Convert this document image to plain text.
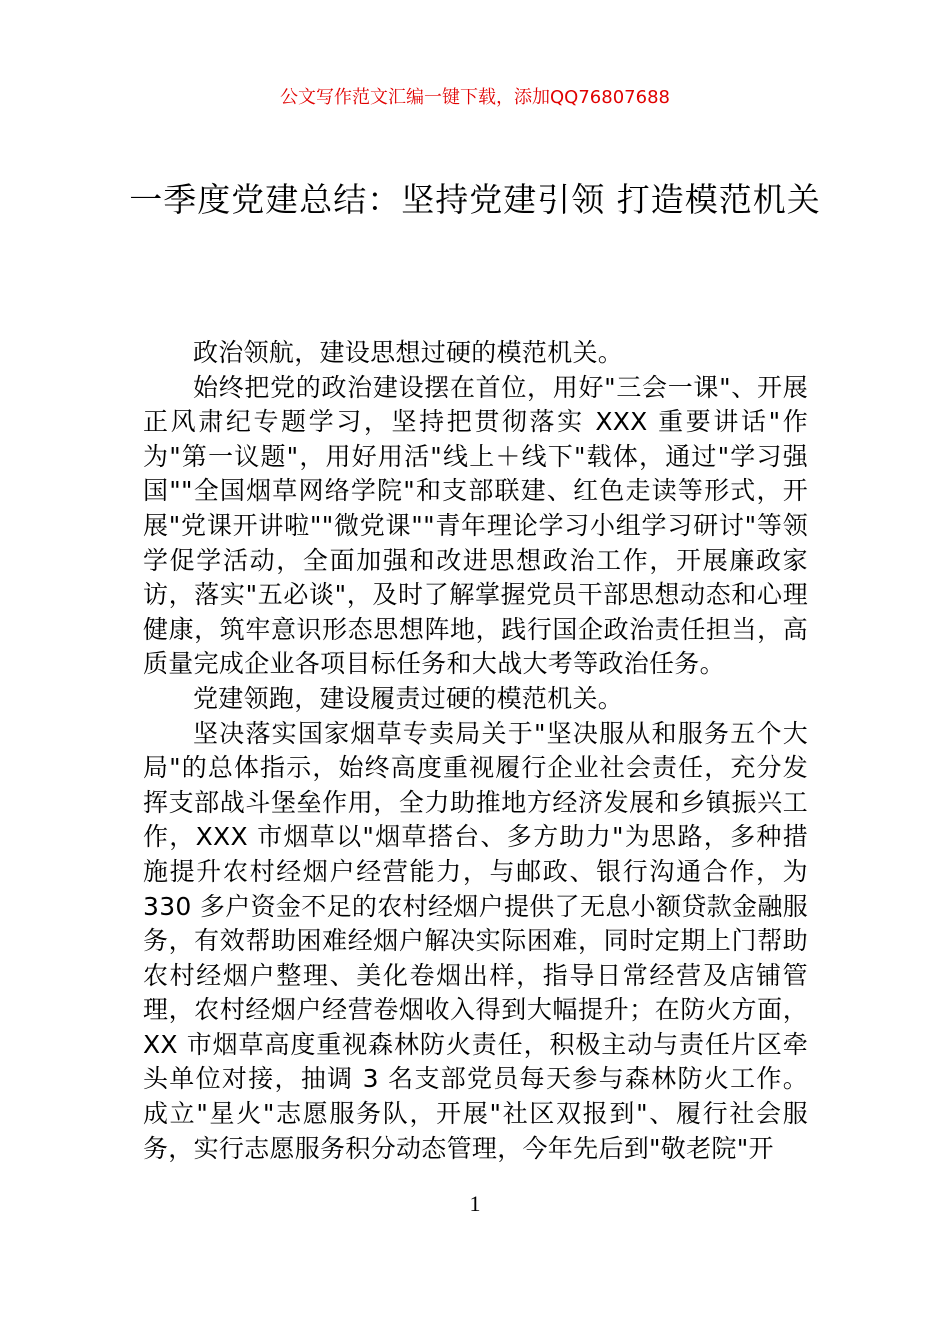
公文写作范文汇编一键下载，添加QQ76807688
一季度党建总结：坚持党建引领 打造模范机关

政治领航，建设思想过硬的模范机关。

始终把党的政治建设摆在首位，用好"三会一课"、开展正风肃纪专题学习，坚持把贯彻落实 XXX 重要讲话"作为"第一议题"，用好用活"线上＋线下"载体，通过"学习强国""全国烟草网络学院"和支部联建、红色走读等形式，开展"党课开讲啦""微党课""青年理论学习小组学习研讨"等领学促学活动，全面加强和改进思想政治工作，开展廉政家访，落实"五必谈"，及时了解掌握党员干部思想动态和心理健康，筑牢意识形态思想阵地，践行国企政治责任担当，高质量完成企业各项目标任务和大战大考等政治任务。

党建领跑，建设履责过硬的模范机关。

坚决落实国家烟草专卖局关于"坚决服从和服务五个大局"的总体指示，始终高度重视履行企业社会责任，充分发挥支部战斗堡垒作用，全力助推地方经济发展和乡镇振兴工作，XXX 市烟草以"烟草搭台、多方助力"为思路，多种措施提升农村经烟户经营能力，与邮政、银行沟通合作，为 330 多户资金不足的农村经烟户提供了无息小额贷款金融服务，有效帮助困难经烟户解决实际困难，同时定期上门帮助农村经烟户整理、美化卷烟出样，指导日常经营及店铺管理，农村经烟户经营卷烟收入得到大幅提升；在防火方面，XX 市烟草高度重视森林防火责任，积极主动与责任片区牵头单位对接，抽调 3 名支部党员每天参与森林防火工作。成立"星火"志愿服务队，开展"社区双报到"、履行社会服务，实行志愿服务积分动态管理，今年先后到"敬老院"开

1
